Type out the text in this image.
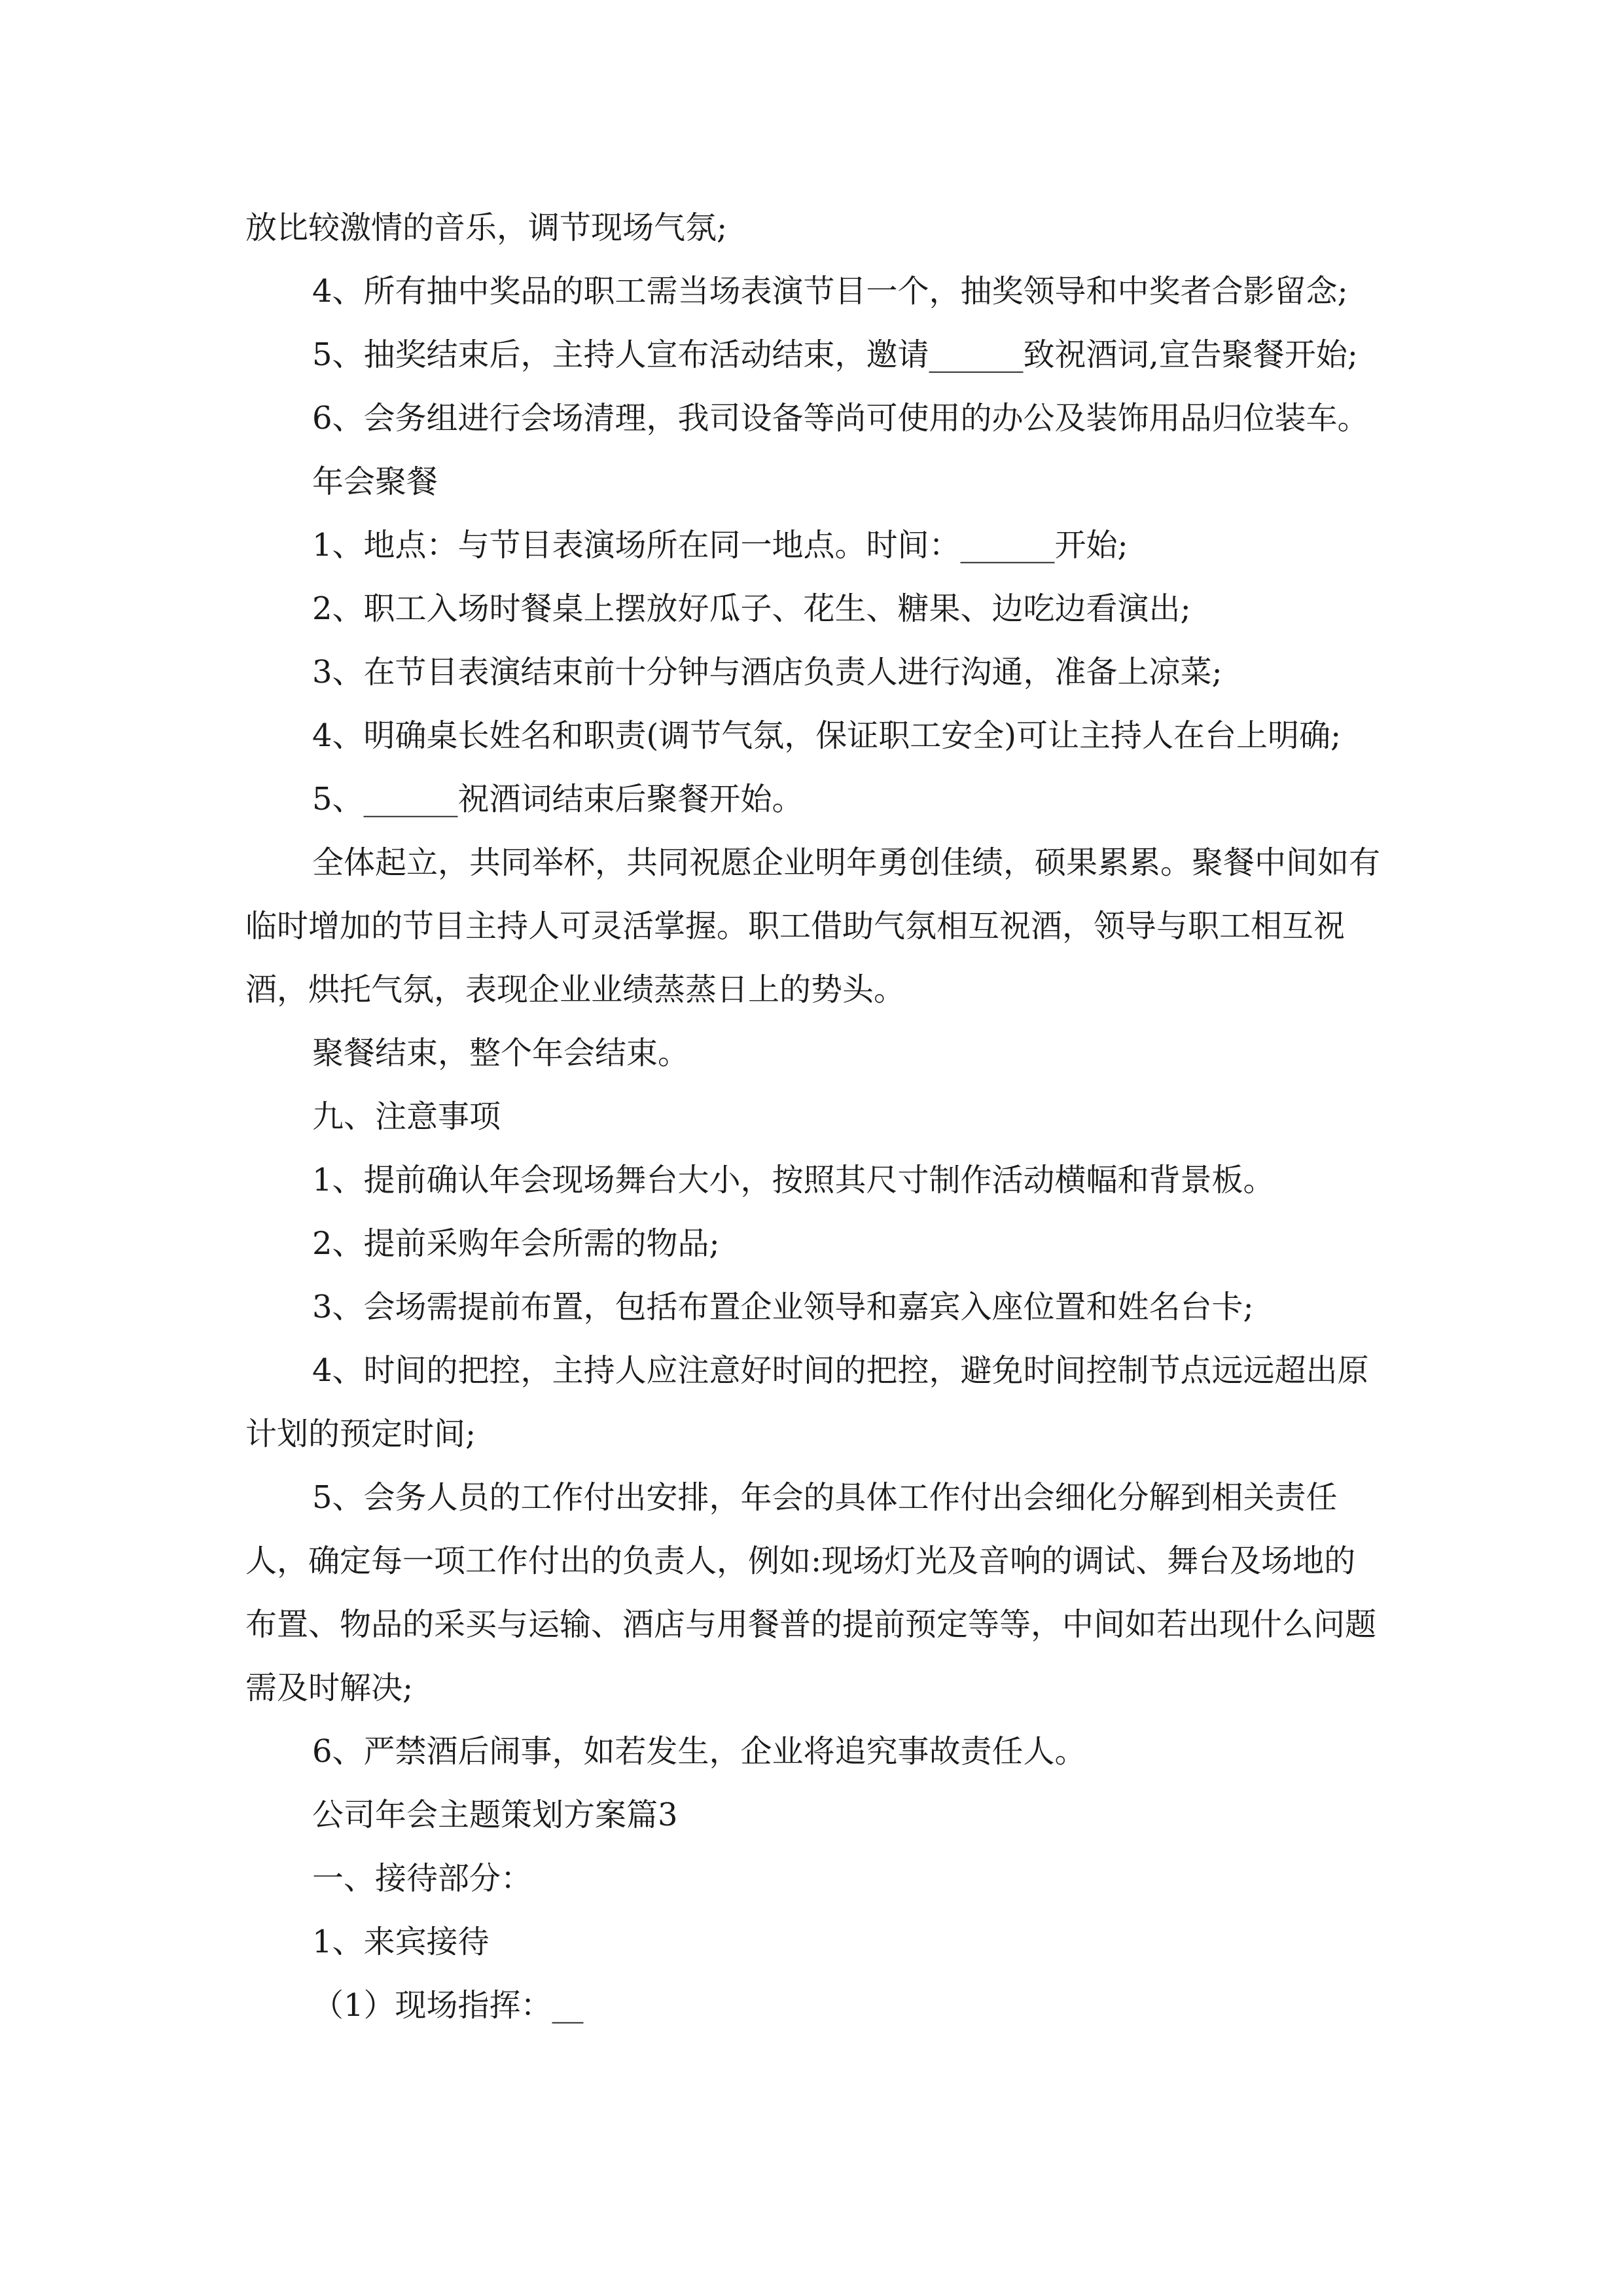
放比较激情的音乐，调节现场气氛;

4、所有抽中奖品的职工需当场表演节目一个，抽奖领导和中奖者合影留念;

5、抽奖结束后，主持人宣布活动结束，邀请______致祝酒词,宣告聚餐开始;

6、会务组进行会场清理，我司设备等尚可使用的办公及装饰用品归位装车。

年会聚餐

1、地点：与节目表演场所在同一地点。时间：______开始;

2、职工入场时餐桌上摆放好瓜子、花生、糖果、边吃边看演出;

3、在节目表演结束前十分钟与酒店负责人进行沟通，准备上凉菜;

4、明确桌长姓名和职责(调节气氛，保证职工安全)可让主持人在台上明确;

5、______祝酒词结束后聚餐开始。

全体起立，共同举杯，共同祝愿企业明年勇创佳绩，硕果累累。聚餐中间如有临时增加的节目主持人可灵活掌握。职工借助气氛相互祝酒，领导与职工相互祝酒，烘托气氛，表现企业业绩蒸蒸日上的势头。

聚餐结束，整个年会结束。

九、注意事项

1、提前确认年会现场舞台大小，按照其尺寸制作活动横幅和背景板。

2、提前采购年会所需的物品;

3、会场需提前布置，包括布置企业领导和嘉宾入座位置和姓名台卡;

4、时间的把控，主持人应注意好时间的把控，避免时间控制节点远远超出原计划的预定时间;

5、会务人员的工作付出安排，年会的具体工作付出会细化分解到相关责任人，确定每一项工作付出的负责人，例如:现场灯光及音响的调试、舞台及场地的布置、物品的采买与运输、酒店与用餐普的提前预定等等，中间如若出现什么问题需及时解决;

6、严禁酒后闹事，如若发生，企业将追究事故责任人。

公司年会主题策划方案篇3

一、接待部分：

1、来宾接待

（1）现场指挥：__
